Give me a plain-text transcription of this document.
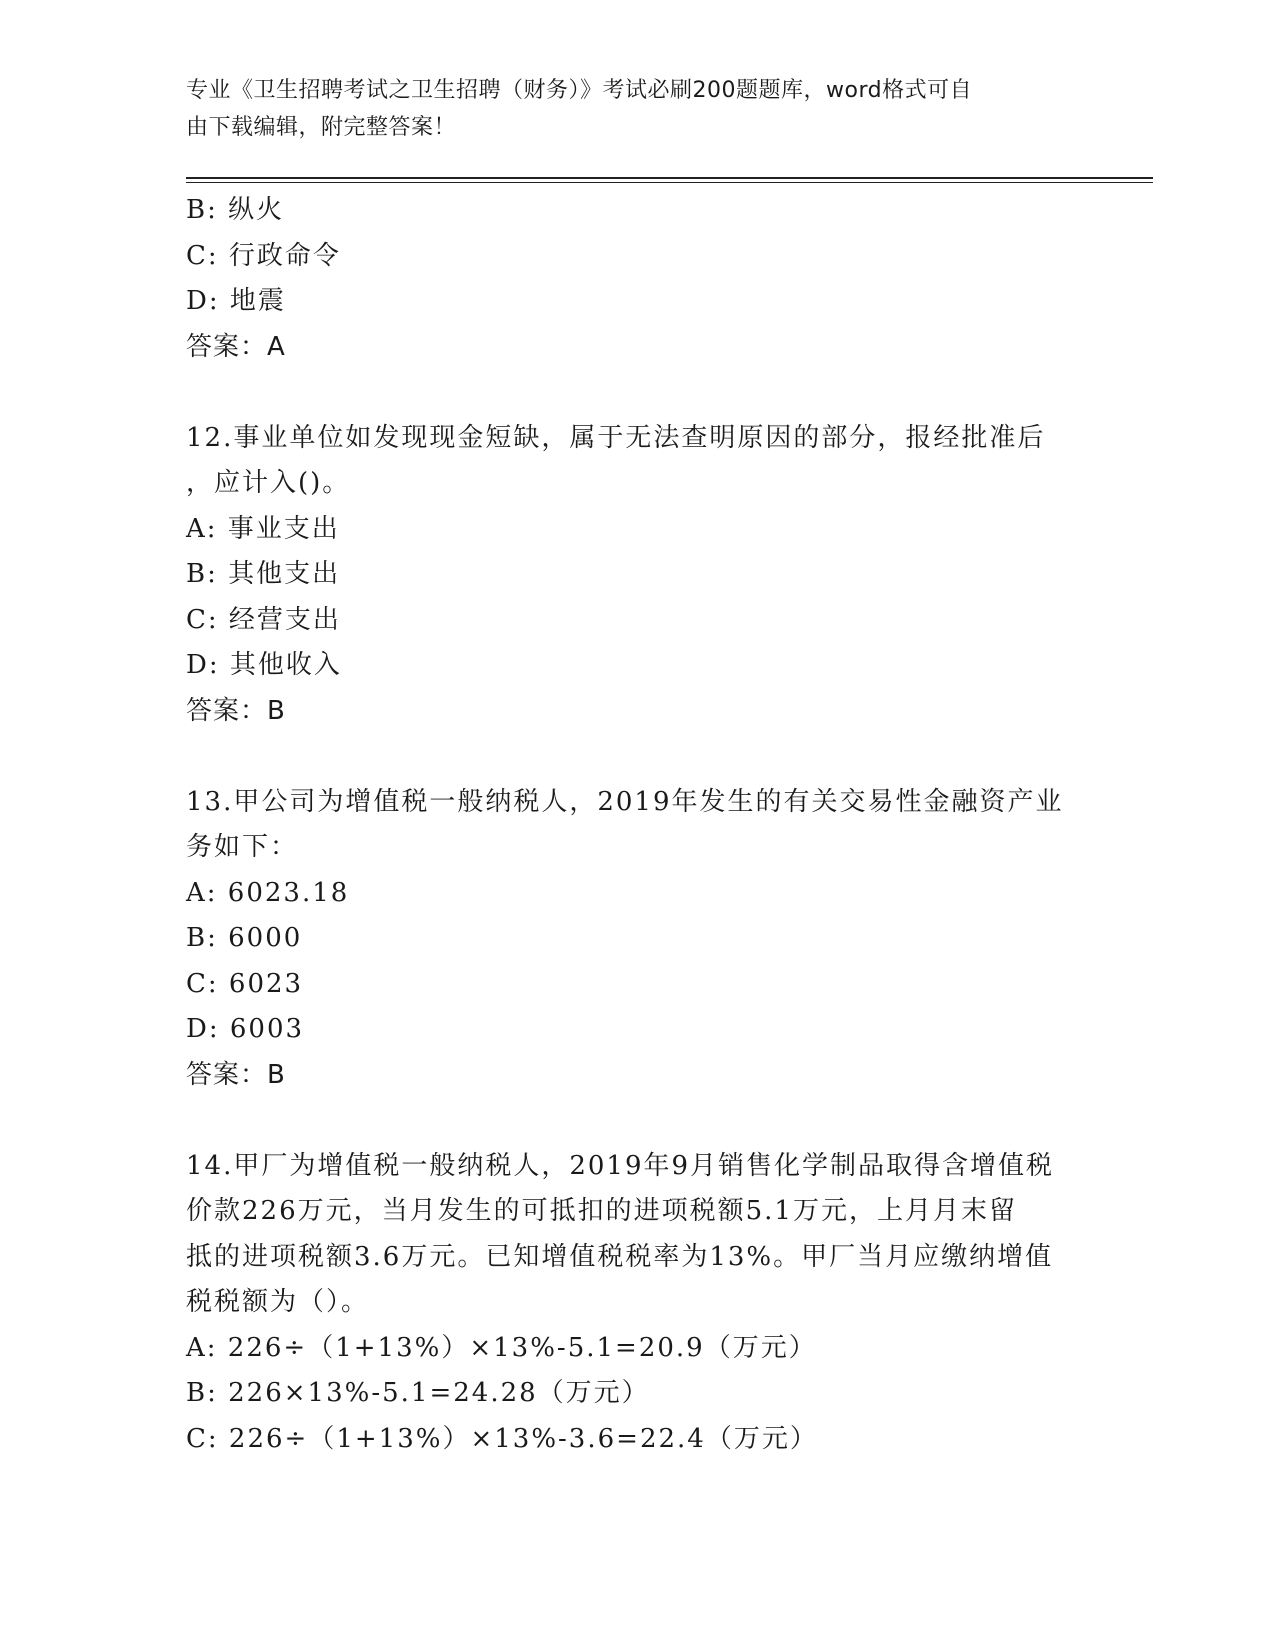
专业《卫生招聘考试之卫生招聘（财务）》考试必刷200题题库，word格式可自
由下载编辑，附完整答案！
B: 纵火
C: 行政命令
D: 地震
答案：A
12.事业单位如发现现金短缺，属于无法查明原因的部分，报经批准后
，应计入()。
A: 事业支出
B: 其他支出
C: 经营支出
D: 其他收入
答案：B
13.甲公司为增值税一般纳税人，2019年发生的有关交易性金融资产业
务如下：
A: 6023.18
B: 6000
C: 6023
D: 6003
答案：B
14.甲厂为增值税一般纳税人，2019年9月销售化学制品取得含增值税
价款226万元，当月发生的可抵扣的进项税额5.1万元，上月月末留
抵的进项税额3.6万元。已知增值税税率为13%。甲厂当月应缴纳增值
税税额为（）。
A: 226÷（1+13%）×13%-5.1=20.9（万元）
B: 226×13%-5.1=24.28（万元）
C: 226÷（1+13%）×13%-3.6=22.4（万元）
